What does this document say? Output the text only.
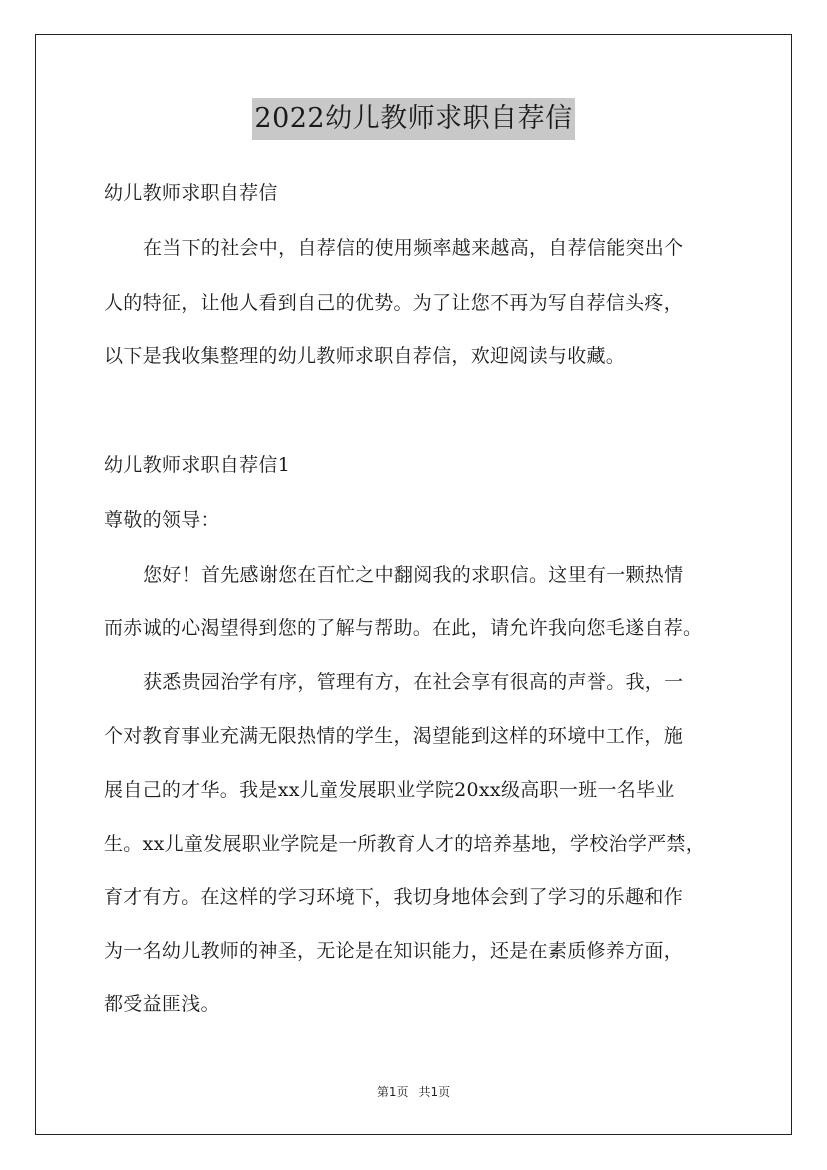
2022幼儿教师求职自荐信
幼儿教师求职自荐信
在当下的社会中，自荐信的使用频率越来越高，自荐信能突出个
人的特征，让他人看到自己的优势。为了让您不再为写自荐信头疼，
以下是我收集整理的幼儿教师求职自荐信，欢迎阅读与收藏。
幼儿教师求职自荐信1
尊敬的领导：
您好！首先感谢您在百忙之中翻阅我的求职信。这里有一颗热情
而赤诚的心渴望得到您的了解与帮助。在此，请允许我向您毛遂自荐。
获悉贵园治学有序，管理有方，在社会享有很高的声誉。我，一
个对教育事业充满无限热情的学生，渴望能到这样的环境中工作，施
展自己的才华。我是xx儿童发展职业学院20xx级高职一班一名毕业
生。xx儿童发展职业学院是一所教育人才的培养基地，学校治学严禁，
育才有方。在这样的学习环境下，我切身地体会到了学习的乐趣和作
为一名幼儿教师的神圣，无论是在知识能力，还是在素质修养方面，
都受益匪浅。
第1页 共1页
